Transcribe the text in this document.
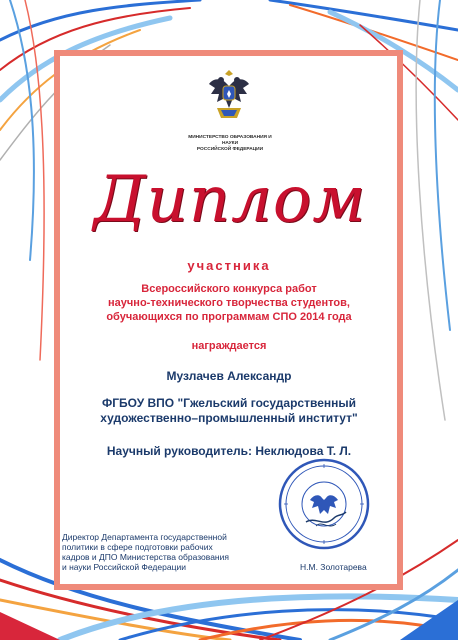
МИНИСТЕРСТВО ОБРАЗОВАНИЯ И НАУКИ
РОССИЙСКОЙ ФЕДЕРАЦИИ
Диплом
участника
Всероссийского конкурса работ
научно-технического творчества студентов,
обучающихся по программам СПО 2014 года
награждается
Музлачев Александр
ФГБОУ ВПО "Гжельский государственный
художественно–промышленный институт"
Научный руководитель: Неклюдова Т. Л.
Директор Департамента государственной
политики в сфере подготовки рабочих
кадров и ДПО Министерства образования
и науки Российской Федерации	Н.М. Золотарева
